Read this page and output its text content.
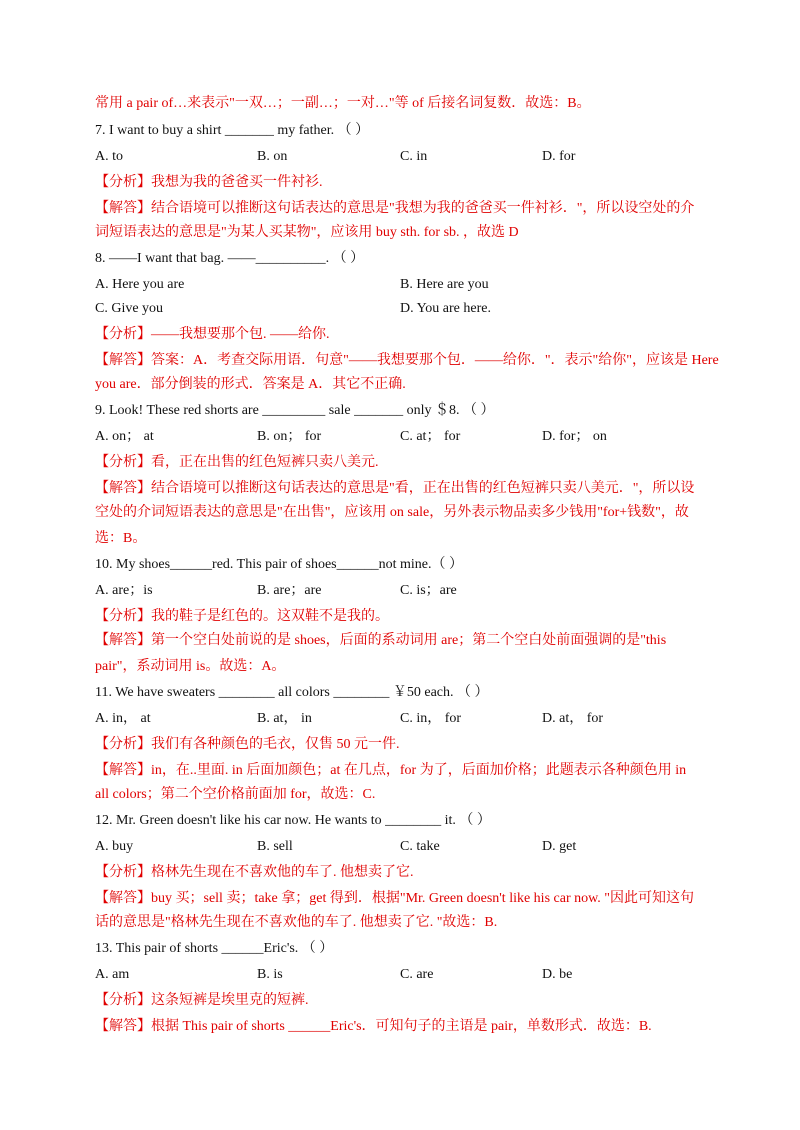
常用 a pair of…来表示"一双…；一副…；一对…"等 of 后接名词复数．故选：B。
7. I want to buy a shirt _______ my father. （ ）
A. to	B. on	C. in	D. for
【分析】我想为我的爸爸买一件衬衫.
【解答】结合语境可以推断这句话表达的意思是"我想为我的爸爸买一件衬衫．"，所以设空处的介
词短语表达的意思是"为某人买某物"，应该用 buy sth. for sb. ，故选 D
8. ——I want that bag. ——__________. （ ）
A. Here you are	B. Here are you
C. Give you	D. You are here.
【分析】——我想要那个包. ——给你.
【解答】答案：A．考查交际用语．句意"——我想要那个包．——给你．"．表示"给你"，应该是 Here
you are．部分倒装的形式．答案是 A．其它不正确.
9. Look! These red shorts are _________ sale _______ only ＄8. （ ）
A. on； at	B. on； for	C. at； for	D. for； on
【分析】看，正在出售的红色短裤只卖八美元.
【解答】结合语境可以推断这句话表达的意思是"看，正在出售的红色短裤只卖八美元．"，所以设
空处的介词短语表达的意思是"在出售"，应该用 on sale，另外表示物品卖多少钱用"for+钱数"，故
选：B。
10. My shoes______red. This pair of shoes______not mine.（ ）
A. are；is	B. are；are	C. is；are
【分析】我的鞋子是红色的。这双鞋不是我的。
【解答】第一个空白处前说的是 shoes，后面的系动词用 are；第二个空白处前面强调的是"this
pair"，系动词用 is。故选：A。
11. We have sweaters ________ all colors ________ ￥50 each. （ ）
A. in， at	B. at， in	C. in， for	D. at， for
【分析】我们有各种颜色的毛衣，仅售 50 元一件.
【解答】in，在..里面. in 后面加颜色；at 在几点，for 为了，后面加价格；此题表示各种颜色用 in
all colors；第二个空价格前面加 for，故选：C.
12. Mr. Green doesn't like his car now. He wants to ________ it. （ ）
A. buy	B. sell	C. take	D. get
【分析】格林先生现在不喜欢他的车了. 他想卖了它.
【解答】buy 买；sell 卖；take 拿；get 得到．根据"Mr. Green doesn't like his car now. "因此可知这句
话的意思是"格林先生现在不喜欢他的车了. 他想卖了它. "故选：B.
13. This pair of shorts ______Eric's. （ ）
A. am	B. is	C. are	D. be
【分析】这条短裤是埃里克的短裤.
【解答】根据 This pair of shorts ______Eric's．可知句子的主语是 pair，单数形式．故选：B.
